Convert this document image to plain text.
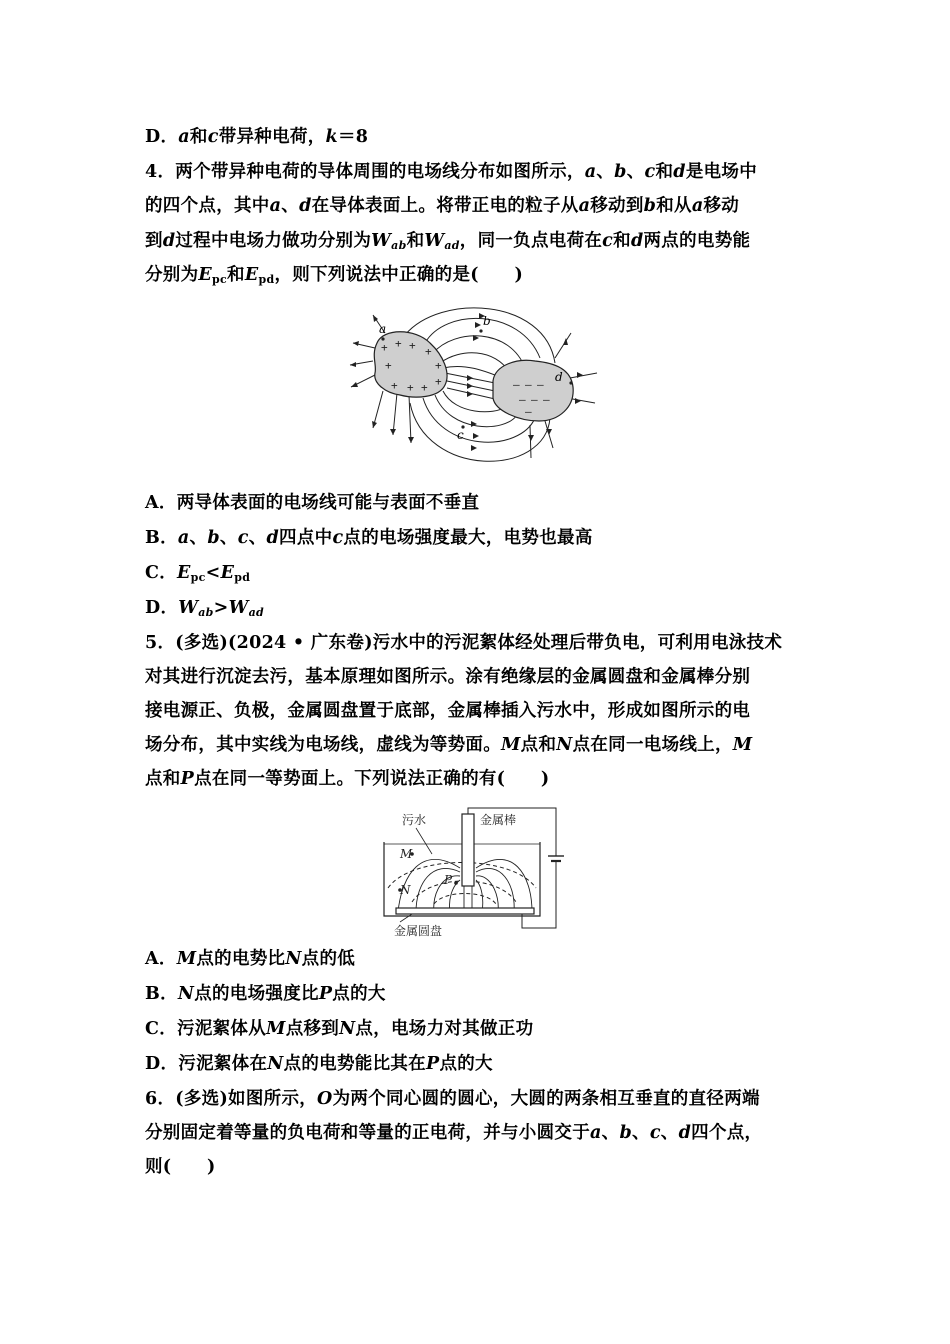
D．a和c带异种电荷，k＝8
4．两个带异种电荷的导体周围的电场线分布如图所示，a、b、c和d是电场中
的四个点，其中a、d在导体表面上。将带正电的粒子从a移动到b和从a移动
到d过程中电场力做功分别为$W_{ab}$和$W_{ad}$，同一负点电荷在c和d两点的电势能
分别为$E_{pc}$和$E_{pd}$，则下列说法中正确的是(　　)
+ + + +
+
+
+
+ + +	– – –
– – –
–
a
b
c
d
A．两导体表面的电场线可能与表面不垂直
B．a、b、c、d四点中c点的电场强度最大，电势也最高
C．$E_{pc}<E_{pd}$
D．$W_{ab}>W_{ad}$
5．(多选)(2024 • 广东卷)污水中的污泥絮体经处理后带负电，可利用电泳技术
对其进行沉淀去污，基本原理如图所示。涂有绝缘层的金属圆盘和金属棒分别
接电源正、负极，金属圆盘置于底部，金属棒插入污水中，形成如图所示的电
场分布，其中实线为电场线，虚线为等势面。M点和N点在同一电场线上，M
点和P点在同一等势面上。下列说法正确的有(　　)
污水	金属棒
金属圆盘
M
N
P
A．M点的电势比N点的低
B．N点的电场强度比P点的大
C．污泥絮体从M点移到N点，电场力对其做正功
D．污泥絮体在N点的电势能比其在P点的大
6．(多选)如图所示，O为两个同心圆的圆心，大圆的两条相互垂直的直径两端
分别固定着等量的负电荷和等量的正电荷，并与小圆交于a、b、c、d四个点，
则(　　)
